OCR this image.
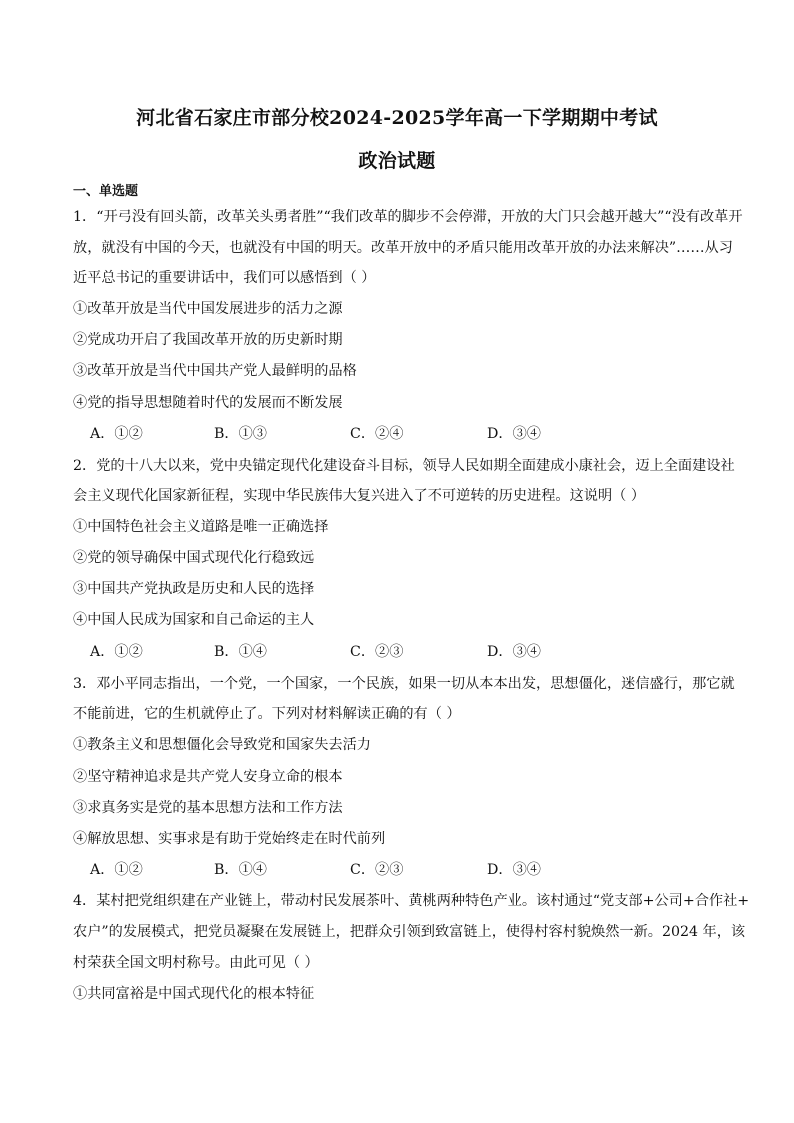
河北省石家庄市部分校2024-2025学年高一下学期期中考试
政治试题
一、单选题
1．“开弓没有回头箭，改革关头勇者胜”“我们改革的脚步不会停滞，开放的大门只会越开越大”“没有改革开
放，就没有中国的今天，也就没有中国的明天。改革开放中的矛盾只能用改革开放的办法来解决”……从习
近平总书记的重要讲话中，我们可以感悟到（ ）
①改革开放是当代中国发展进步的活力之源
②党成功开启了我国改革开放的历史新时期
③改革开放是当代中国共产党人最鲜明的品格
④党的指导思想随着时代的发展而不断发展
A．①②	B．①③	C．②④	D．③④
2．党的十八大以来，党中央锚定现代化建设奋斗目标，领导人民如期全面建成小康社会，迈上全面建设社
会主义现代化国家新征程，实现中华民族伟大复兴进入了不可逆转的历史进程。这说明（ ）
①中国特色社会主义道路是唯一正确选择
②党的领导确保中国式现代化行稳致远
③中国共产党执政是历史和人民的选择
④中国人民成为国家和自己命运的主人
A．①②	B．①④	C．②③	D．③④
3．邓小平同志指出，一个党，一个国家，一个民族，如果一切从本本出发，思想僵化，迷信盛行，那它就
不能前进，它的生机就停止了。下列对材料解读正确的有（ ）
①教条主义和思想僵化会导致党和国家失去活力
②坚守精神追求是共产党人安身立命的根本
③求真务实是党的基本思想方法和工作方法
④解放思想、实事求是有助于党始终走在时代前列
A．①②	B．①④	C．②③	D．③④
4．某村把党组织建在产业链上，带动村民发展茶叶、黄桃两种特色产业。该村通过“党支部+公司+合作社+
农户”的发展模式，把党员凝聚在发展链上，把群众引领到致富链上，使得村容村貌焕然一新。2024 年，该
村荣获全国文明村称号。由此可见（ ）
①共同富裕是中国式现代化的根本特征
